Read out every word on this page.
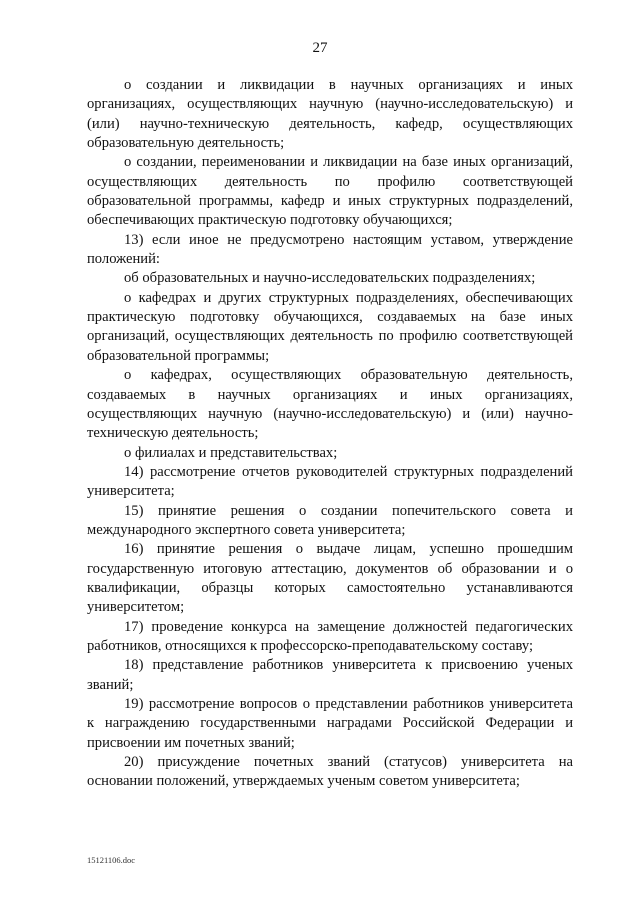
27

о создании и ликвидации в научных организациях и иных организациях, осуществляющих научную (научно-исследовательскую) и (или) научно-техническую деятельность, кафедр, осуществляющих образовательную деятельность;

о создании, переименовании и ликвидации на базе иных организаций, осуществляющих деятельность по профилю соответствующей образовательной программы, кафедр и иных структурных подразделений, обеспечивающих практическую подготовку обучающихся;

13) если иное не предусмотрено настоящим уставом, утверждение положений:

об образовательных и научно-исследовательских подразделениях;

о кафедрах и других структурных подразделениях, обеспечивающих практическую подготовку обучающихся, создаваемых на базе иных организаций, осуществляющих деятельность по профилю соответствующей образовательной программы;

о кафедрах, осуществляющих образовательную деятельность, создаваемых в научных организациях и иных организациях, осуществляющих научную (научно-исследовательскую) и (или) научно-техническую деятельность;

о филиалах и представительствах;

14) рассмотрение отчетов руководителей структурных подразделений университета;

15) принятие решения о создании попечительского совета и международного экспертного совета университета;

16) принятие решения о выдаче лицам, успешно прошедшим государственную итоговую аттестацию, документов об образовании и о квалификации, образцы которых самостоятельно устанавливаются университетом;

17) проведение конкурса на замещение должностей педагогических работников, относящихся к профессорско-преподавательскому составу;

18) представление работников университета к присвоению ученых званий;

19) рассмотрение вопросов о представлении работников университета к награждению государственными наградами Российской Федерации и присвоении им почетных званий;

20) присуждение почетных званий (статусов) университета на основании положений, утверждаемых ученым советом университета;

15121106.doc
